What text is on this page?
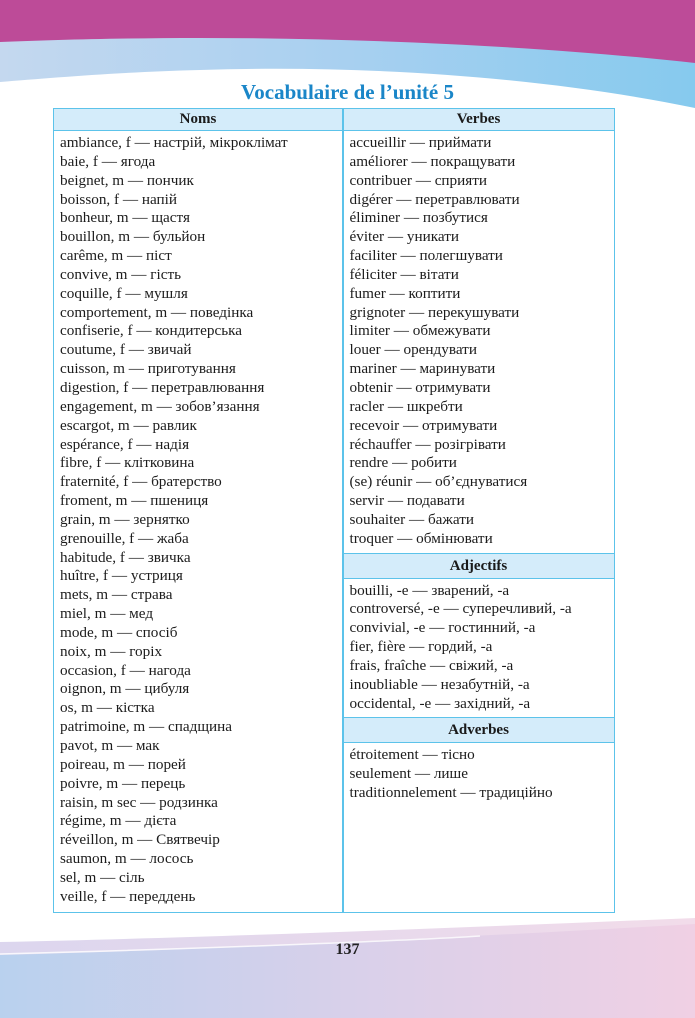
Vocabulaire de l’unité 5
Noms
ambiance, f — настрій, мікроклімат
baie, f — ягода
beignet, m — пончик
boisson, f — напій
bonheur, m — щастя
bouillon, m — бульйон
carême, m — піст
convive, m — гість
coquille, f — мушля
comportement, m — поведінка
confiserie, f — кондитерська
coutume, f — звичай
cuisson, m — приготування
digestion, f — перетравлювання
engagement, m — зобов’язання
escargot, m — равлик
espérance, f — надія
fibre, f — клітковина
fraternité, f — братерство
froment, m — пшениця
grain, m — зернятко
grenouille, f — жаба
habitude, f — звичка
huître, f — устриця
mets, m — страва
miel, m — мед
mode, m — спосіб
noix, m — горіх
occasion, f — нагода
oignon, m — цибуля
os, m — кістка
patrimoine, m — спадщина
pavot, m — мак
poireau, m — порей
poivre, m — перець
raisin, m sec — родзинка
régime, m — дієта
réveillon, m — Святвечір
saumon, m — лосось
sel, m — сіль
veille, f — переддень
Verbes
accueillir — приймати
améliorer — покращувати
contribuer — сприяти
digérer — перетравлювати
éliminer — позбутися
éviter — уникати
faciliter — полегшувати
féliciter — вітати
fumer — коптити
grignoter — перекушувати
limiter — обмежувати
louer — орендувати
mariner — маринувати
obtenir — отримувати
racler — шкребти
recevoir — отримувати
réchauffer — розігрівати
rendre — робити
(se) réunir — об’єднуватися
servir — подавати
souhaiter — бажати
troquer — обмінювати
Adjectifs
bouilli, -e — зварений, -а
controversé, -e — суперечливий, -а
convivial, -e — гостинний, -а
fier, fière — гордий, -а
frais, fraîche — свіжий, -а
inoubliable — незабутній, -а
occidental, -e — західний, -а
Adverbes
étroitement — тісно
seulement — лише
traditionnelement — традиційно
137
